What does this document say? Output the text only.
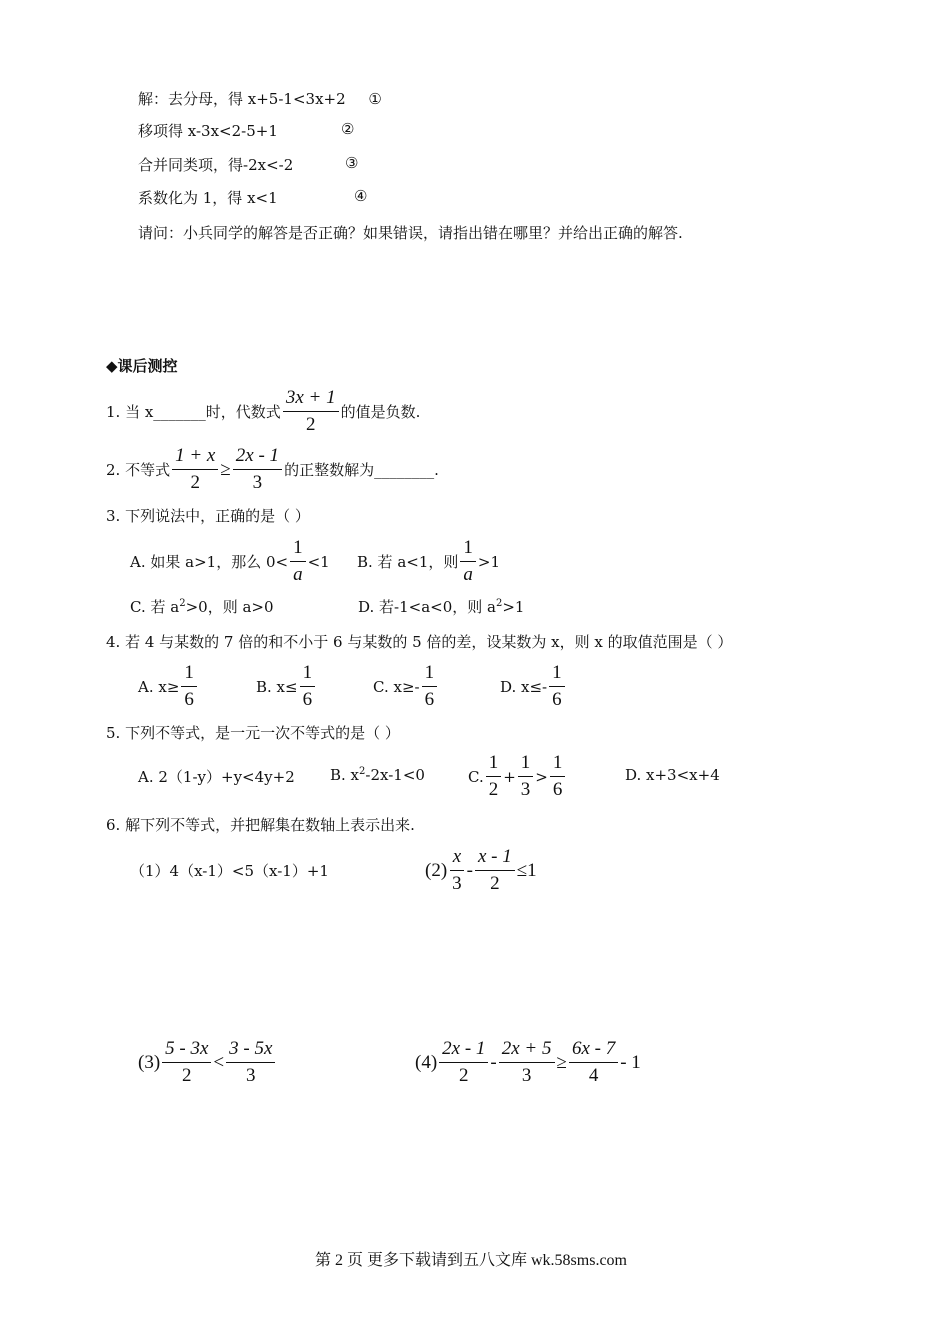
解：去分母，得 x+5-1<3x+2 ①
移项得 x-3x<2-5+1	②
合并同类项，得-2x<-2	③
系数化为 1，得 x<1	④
请问：小兵同学的解答是否正确？如果错误，请指出错在哪里？并给出正确的解答.
◆课后测控
1. 当 x_______时，代数式 $\frac{3x + 1}{2}$ 的值是负数.
2. 不等式 $\frac{1 + x}{2} \ge \frac{2x - 1}{3}$ 的正整数解为________.
3. 下列说法中，正确的是（ ）
A. 如果 a>1，那么 $0< \frac{1}{a} <1$ B. 若 a<1，则 $\frac{1}{a} >1$
C. 若 $a^2>0$，则 a>0	D. 若-1<a<0，则 $a^2>1$
4. 若 4 与某数的 7 倍的和不小于 6 与某数的 5 倍的差，设某数为 x，则 x 的取值范围是（ ）
A. $x\ge \frac{1}{6}$	B. $x\le \frac{1}{6}$	C. $x\ge- \frac{1}{6}$	D. $x\le- \frac{1}{6}$
5. 下列不等式，是一元一次不等式的是（ ）
A. 2（1-y）+y<4y+2 B. $x^2-2x-1<0$	C. $\frac{1}{2} + \frac{1}{3} > \frac{1}{6}$	D. x+3<x+4
6. 解下列不等式，并把解集在数轴上表示出来.
（1）4（x-1）<5（x-1）+1	$(2) \frac{x}{3} - \frac{x - 1}{2} \le 1$
$(3) \frac{5 - 3x}{2} < \frac{3 - 5x}{3}$	$(4) \frac{2x - 1}{2} - \frac{2x + 5}{3} \ge \frac{6x - 7}{4} - 1$
第 2 页 更多下载请到五八文库 wk.58sms.com
